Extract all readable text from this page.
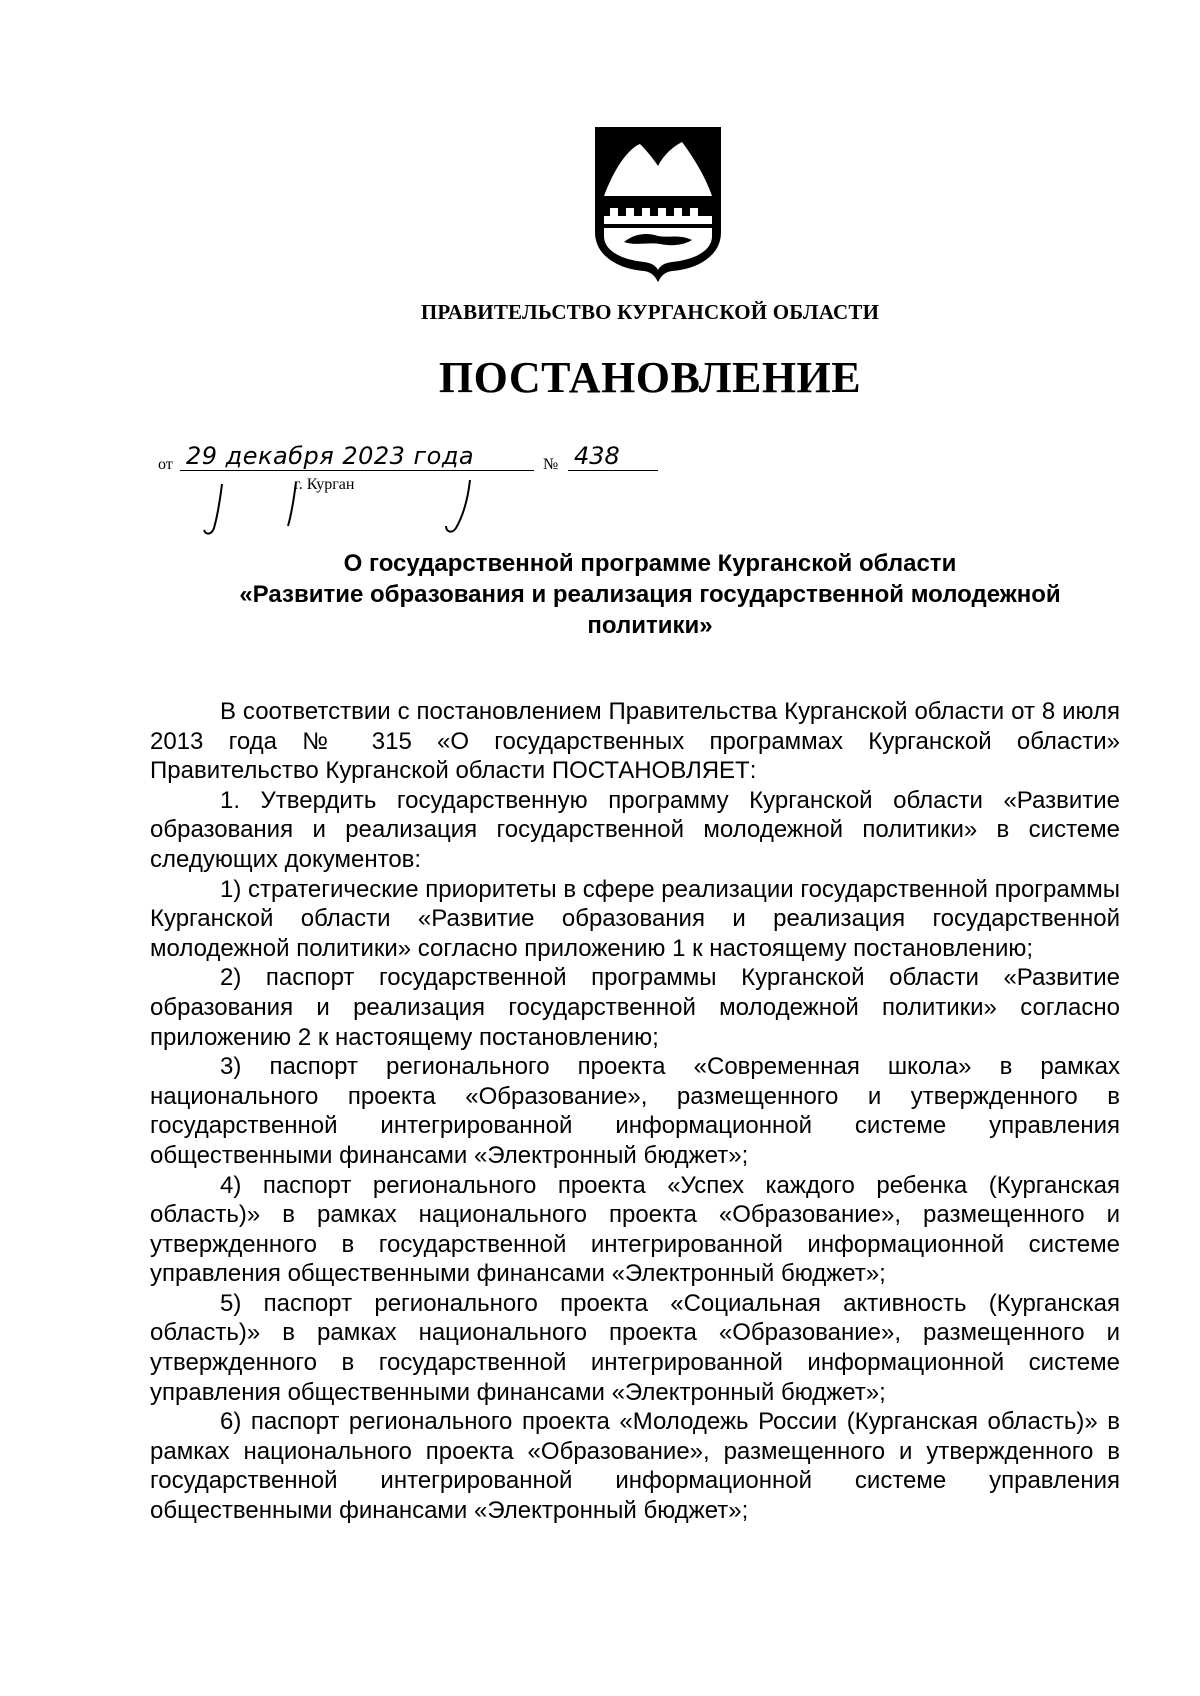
ПРАВИТЕЛЬСТВО КУРГАНСКОЙ ОБЛАСТИ
ПОСТАНОВЛЕНИЕ
от 29 декабря 2023 года	№ 438
г. Курган
О государственной программе Курганской области
«Развитие образования и реализация государственной молодежной
политики»

В соответствии с постановлением Правительства Курганской области от 8 июля 2013 года № 315 «О государственных программах Курганской области» Правительство Курганской области ПОСТАНОВЛЯЕТ:

1. Утвердить государственную программу Курганской области «Развитие образования и реализация государственной молодежной политики» в системе следующих документов:

1) стратегические приоритеты в сфере реализации государственной программы Курганской области «Развитие образования и реализация государственной молодежной политики» согласно приложению 1 к настоящему постановлению;

2) паспорт государственной программы Курганской области «Развитие образования и реализация государственной молодежной политики» согласно приложению 2 к настоящему постановлению;

3) паспорт регионального проекта «Современная школа» в рамках национального проекта «Образование», размещенного и утвержденного в государственной интегрированной информационной системе управления общественными финансами «Электронный бюджет»;

4) паспорт регионального проекта «Успех каждого ребенка (Курганская область)» в рамках национального проекта «Образование», размещенного и утвержденного в государственной интегрированной информационной системе управления общественными финансами «Электронный бюджет»;

5) паспорт регионального проекта «Социальная активность (Курганская область)» в рамках национального проекта «Образование», размещенного и утвержденного в государственной интегрированной информационной системе управления общественными финансами «Электронный бюджет»;

6) паспорт регионального проекта «Молодежь России (Курганская область)» в рамках национального проекта «Образование», размещенного и утвержденного в государственной интегрированной информационной системе управления общественными финансами «Электронный бюджет»;
